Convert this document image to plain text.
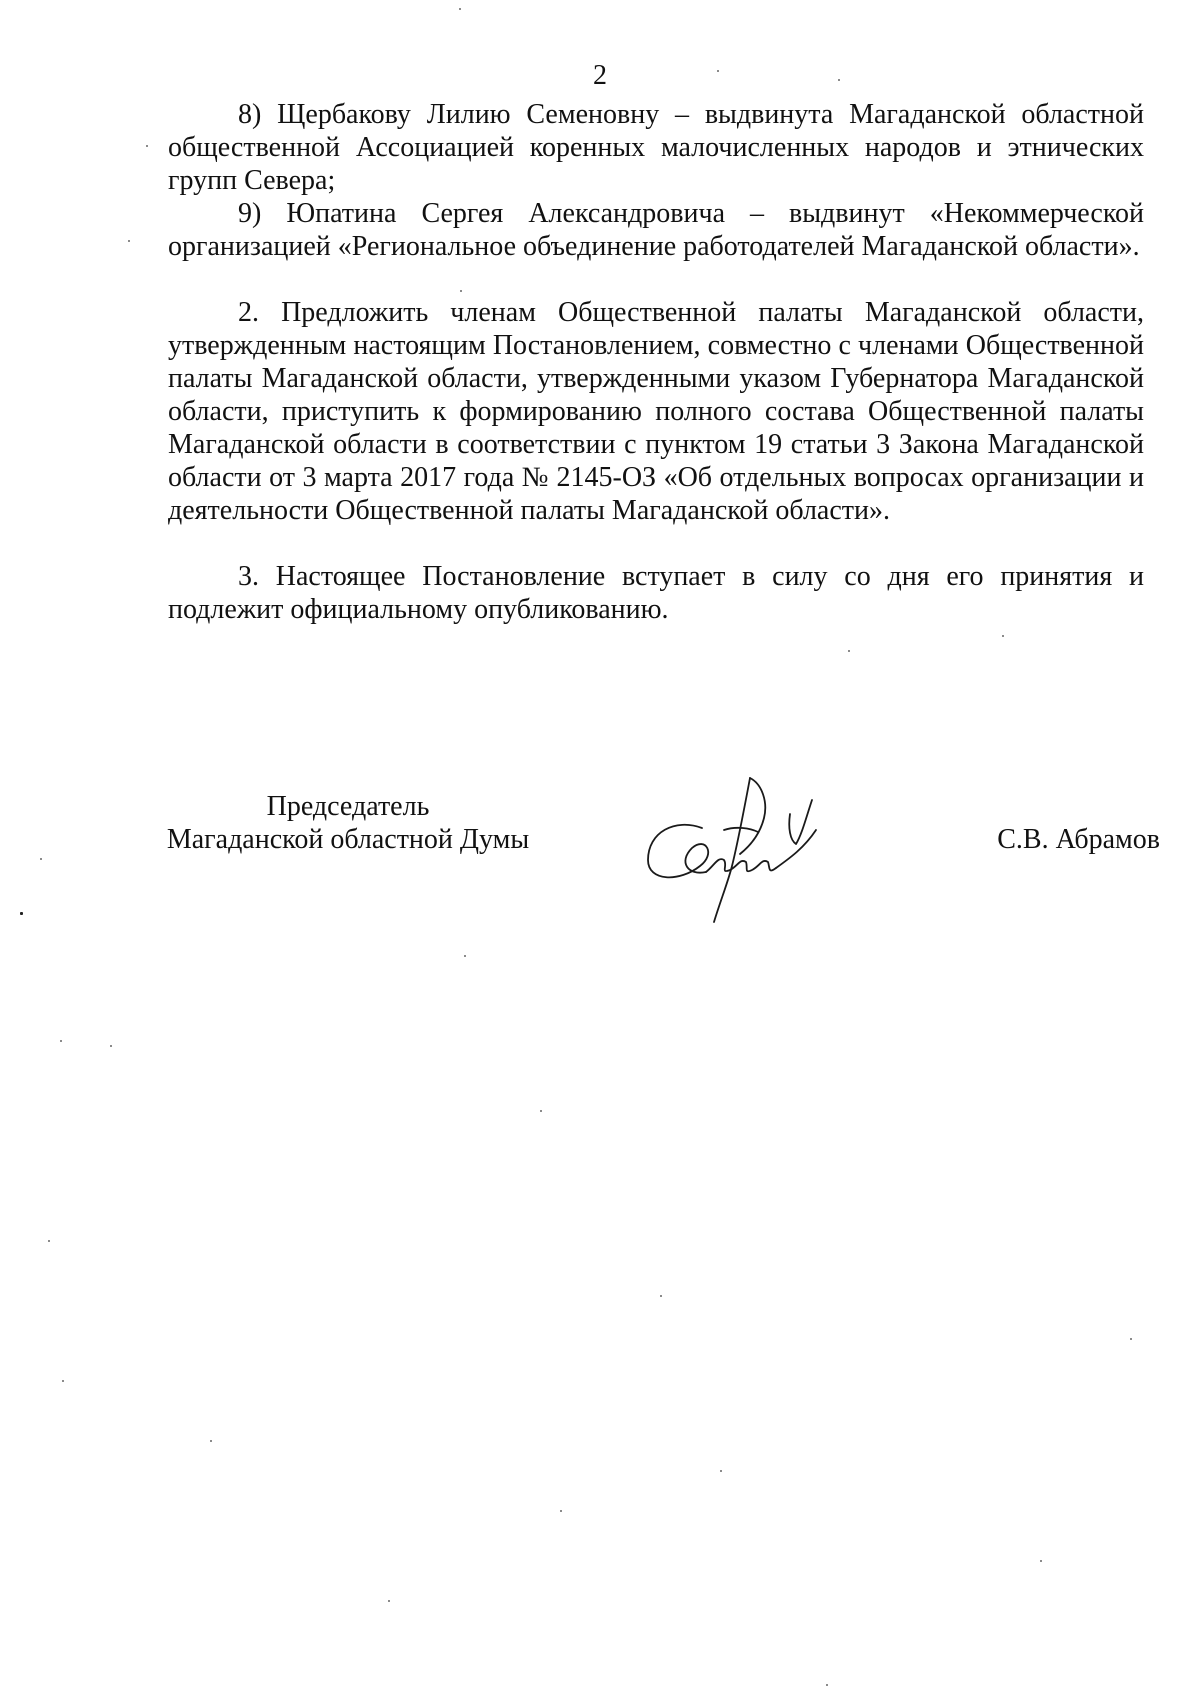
2

8) Щербакову Лилию Семеновну – выдвинута Магаданской областной общественной Ассоциацией коренных малочисленных народов и этнических групп Севера;

9) Юпатина Сергея Александровича – выдвинут «Некоммерческой организацией «Региональное объединение работодателей Магаданской области».

2. Предложить членам Общественной палаты Магаданской области, утвержденным настоящим Постановлением, совместно с членами Общественной палаты Магаданской области, утвержденными указом Губернатора Магаданской области, приступить к формированию полного состава Общественной палаты Магаданской области в соответствии с пунктом 19 статьи 3 Закона Магаданской области от 3 марта 2017 года № 2145-ОЗ «Об отдельных вопросах организации и деятельности Общественной палаты Магаданской области».

3. Настоящее Постановление вступает в силу со дня его принятия и подлежит официальному опубликованию.

Председатель
Магаданской областной Думы	С.В. Абрамов
